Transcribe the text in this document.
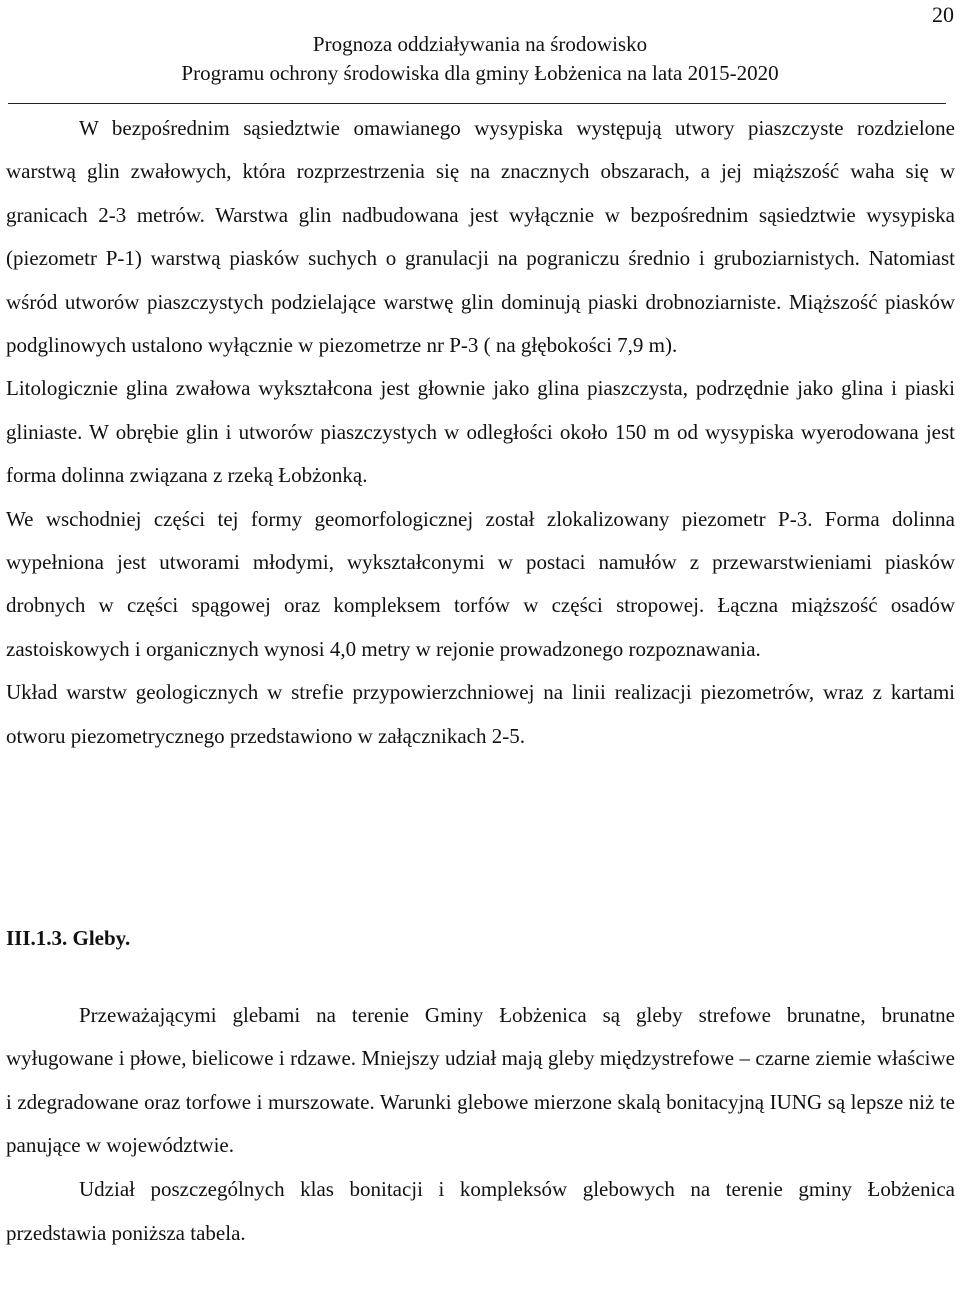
20
Prognoza oddziaływania na środowisko
Programu ochrony środowiska dla gminy Łobżenica na lata 2015-2020

W bezpośrednim sąsiedztwie omawianego wysypiska występują utwory piaszczyste rozdzielone warstwą glin zwałowych, która rozprzestrzenia się na znacznych obszarach, a jej miąższość waha się w granicach 2-3 metrów. Warstwa glin nadbudowana jest wyłącznie w bezpośrednim sąsiedztwie wysypiska (piezometr P-1) warstwą piasków suchych o granulacji na pograniczu średnio i gruboziarnistych. Natomiast wśród utworów piaszczystych podzielające warstwę glin dominują piaski drobnoziarniste. Miąższość piasków podglinowych ustalono wyłącznie w piezometrze nr P-3 ( na głębokości 7,9 m).

Litologicznie glina zwałowa wykształcona jest głownie jako glina piaszczysta, podrzędnie jako glina i piaski gliniaste. W obrębie glin i utworów piaszczystych w odległości około 150 m od wysypiska wyerodowana jest forma dolinna związana z rzeką Łobżonką.

We wschodniej części tej formy geomorfologicznej został zlokalizowany piezometr P-3. Forma dolinna wypełniona jest utworami młodymi, wykształconymi w postaci namułów z przewarstwieniami piasków drobnych w części spągowej oraz kompleksem torfów w części stropowej. Łączna miąższość osadów zastoiskowych i organicznych wynosi 4,0 metry w rejonie prowadzonego rozpoznawania.

Układ warstw geologicznych w strefie przypowierzchniowej na linii realizacji piezometrów, wraz z kartami otworu piezometrycznego przedstawiono w załącznikach 2-5.

III.1.3. Gleby.

Przeważającymi glebami na terenie Gminy Łobżenica są gleby strefowe brunatne, brunatne wyługowane i płowe, bielicowe i rdzawe. Mniejszy udział mają gleby międzystrefowe – czarne ziemie właściwe i zdegradowane oraz torfowe i murszowate. Warunki glebowe mierzone skalą bonitacyjną IUNG są lepsze niż te panujące w województwie.

Udział poszczególnych klas bonitacji i kompleksów glebowych na terenie gminy Łobżenica przedstawia poniższa tabela.
